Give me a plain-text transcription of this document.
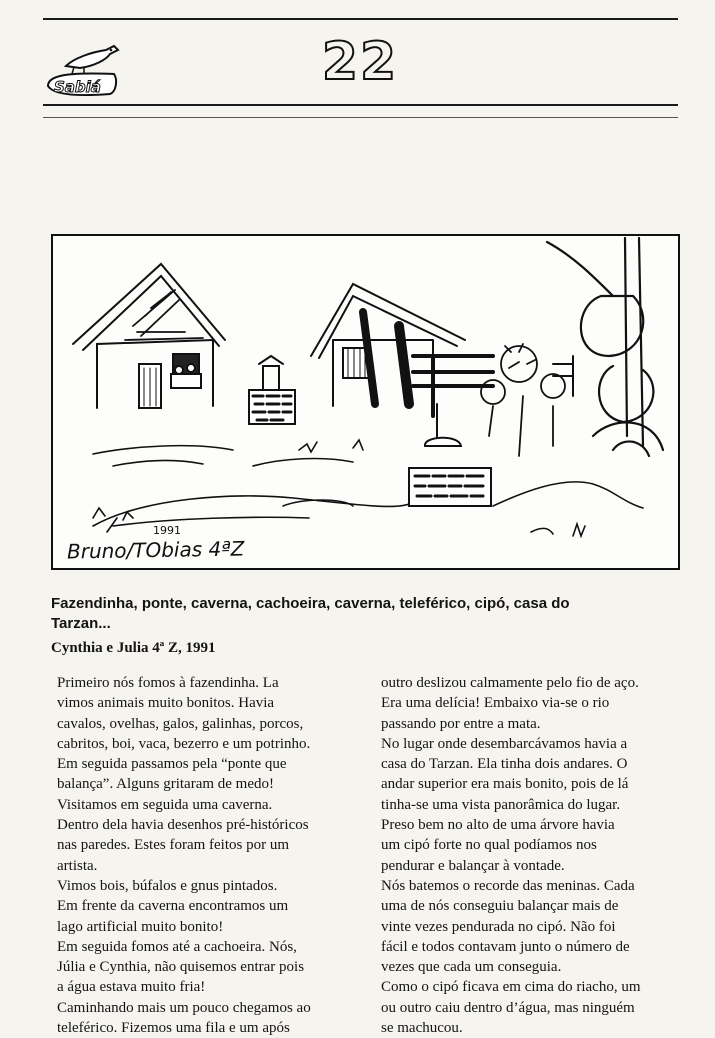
Sabiá	22
1991
Bruno/TObias 4ªZ
Fazendinha, ponte, caverna, cachoeira, caverna, teleférico, cipó, casa do
Tarzan...
Cynthia e Julia 4ª Z, 1991
Primeiro nós fomos à fazendinha. La
vimos animais muito bonitos. Havia
cavalos, ovelhas, galos, galinhas, porcos,
cabritos, boi, vaca, bezerro e um potrinho.
Em seguida passamos pela “ponte que
balança”. Alguns gritaram de medo!
Visitamos em seguida uma caverna.
Dentro dela havia desenhos pré-históricos
nas paredes. Estes foram feitos por um
artista.
Vimos bois, búfalos e gnus pintados.
Em frente da caverna encontramos um
lago artificial muito bonito!
Em seguida fomos até a cachoeira. Nós,
Júlia e Cynthia, não quisemos entrar pois
a água estava muito fria!
Caminhando mais um pouco chegamos ao
teleférico. Fizemos uma fila e um após
outro deslizou calmamente pelo fio de aço.
Era uma delícia! Embaixo via-se o rio
passando por entre a mata.
No lugar onde desembarcávamos havia a
casa do Tarzan. Ela tinha dois andares. O
andar superior era mais bonito, pois de lá
tinha-se uma vista panorâmica do lugar.
Preso bem no alto de uma árvore havia
um cipó forte no qual podíamos nos
pendurar e balançar à vontade.
Nós batemos o recorde das meninas. Cada
uma de nós conseguiu balançar mais de
vinte vezes pendurada no cipó. Não foi
fácil e todos contavam junto o número de
vezes que cada um conseguia.
Como o cipó ficava em cima do riacho, um
ou outro caiu dentro d’água, mas ninguém
se machucou.
